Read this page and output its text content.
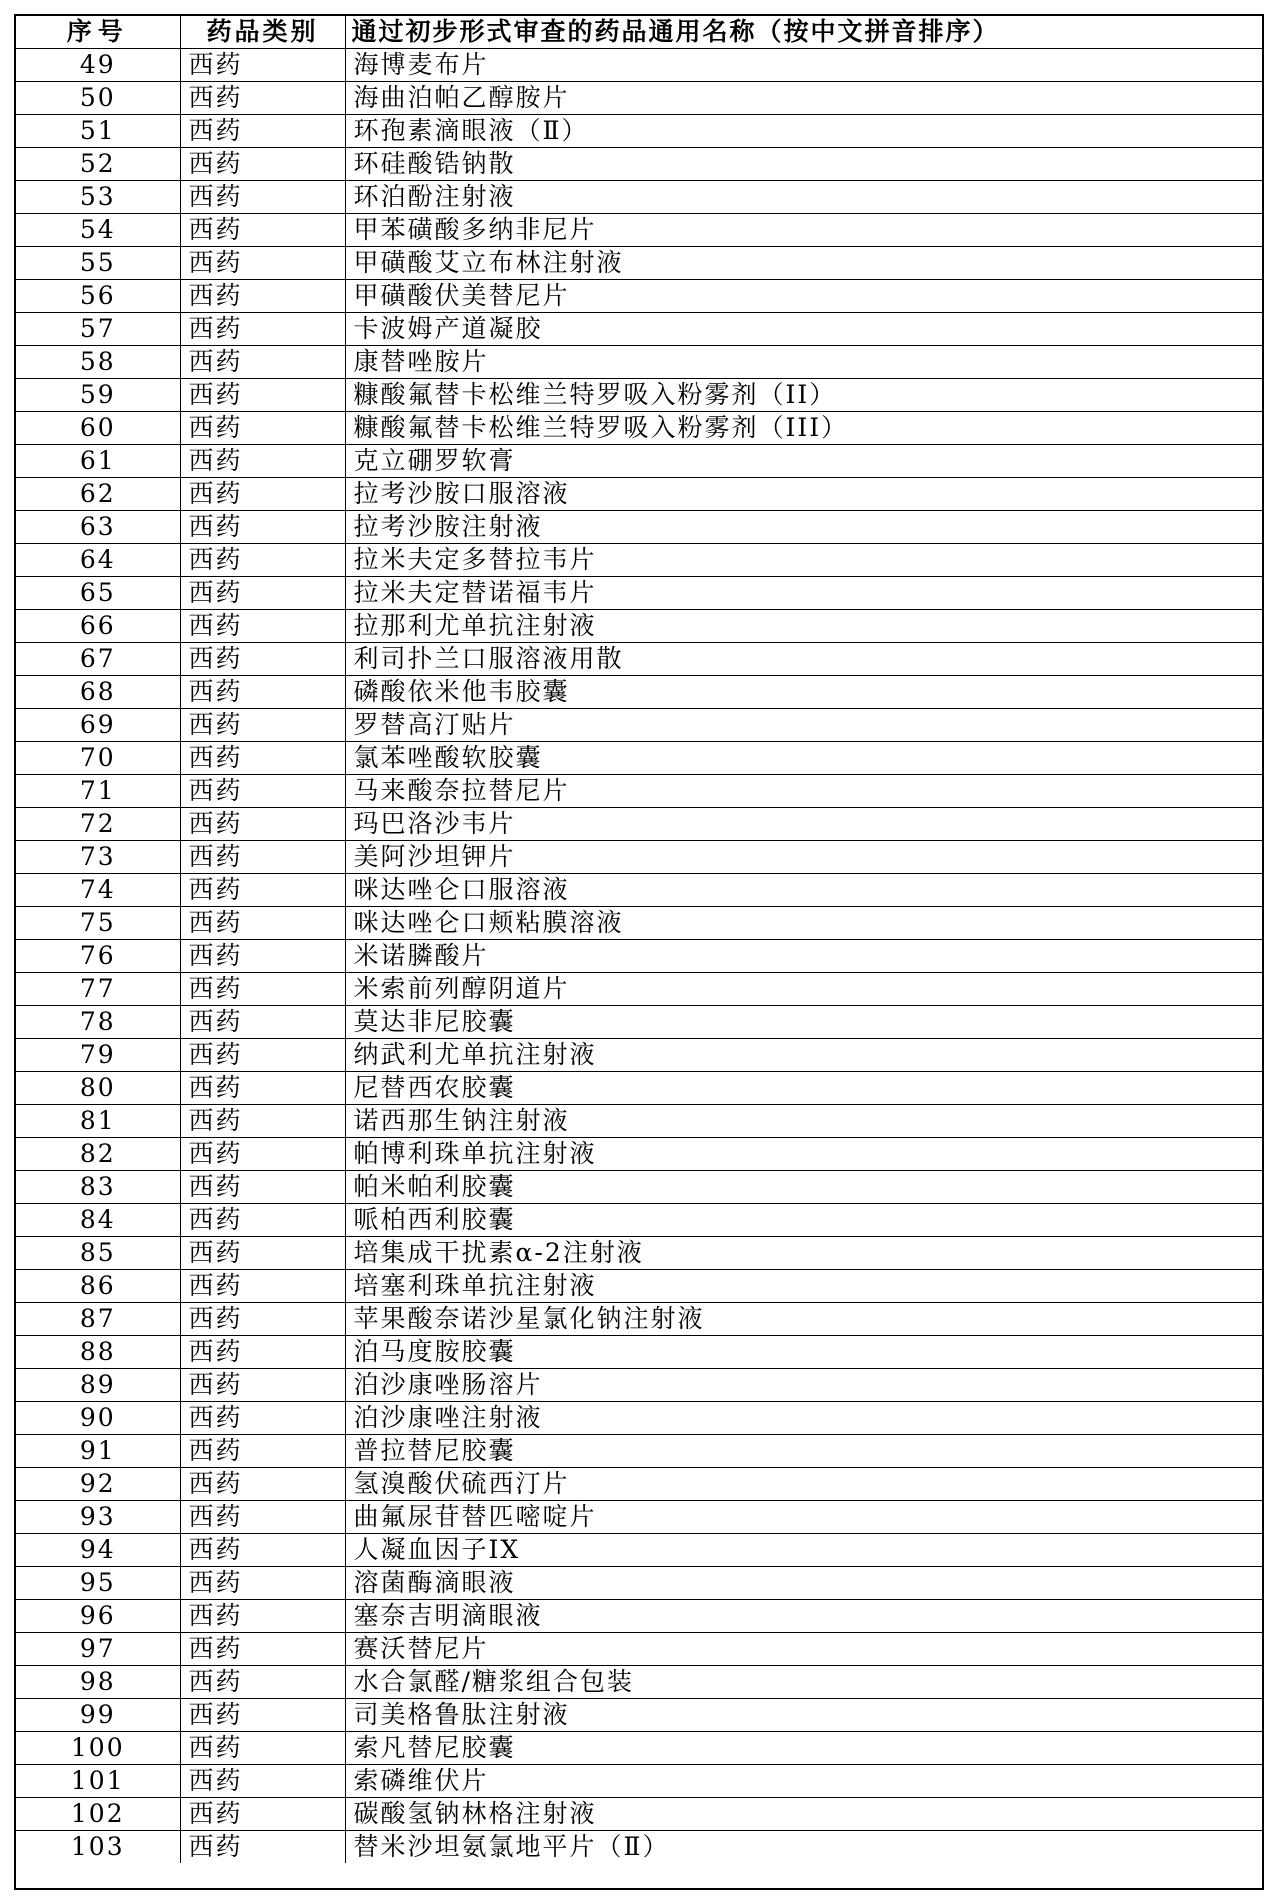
序号	药品类别	通过初步形式审查的药品通用名称（按中文拼音排序）
49	西药	海博麦布片
50	西药	海曲泊帕乙醇胺片
51	西药	环孢素滴眼液（Ⅱ）
52	西药	环硅酸锆钠散
53	西药	环泊酚注射液
54	西药	甲苯磺酸多纳非尼片
55	西药	甲磺酸艾立布林注射液
56	西药	甲磺酸伏美替尼片
57	西药	卡波姆产道凝胶
58	西药	康替唑胺片
59	西药	糠酸氟替卡松维兰特罗吸入粉雾剂（II）
60	西药	糠酸氟替卡松维兰特罗吸入粉雾剂（III）
61	西药	克立硼罗软膏
62	西药	拉考沙胺口服溶液
63	西药	拉考沙胺注射液
64	西药	拉米夫定多替拉韦片
65	西药	拉米夫定替诺福韦片
66	西药	拉那利尤单抗注射液
67	西药	利司扑兰口服溶液用散
68	西药	磷酸依米他韦胶囊
69	西药	罗替高汀贴片
70	西药	氯苯唑酸软胶囊
71	西药	马来酸奈拉替尼片
72	西药	玛巴洛沙韦片
73	西药	美阿沙坦钾片
74	西药	咪达唑仑口服溶液
75	西药	咪达唑仑口颊粘膜溶液
76	西药	米诺膦酸片
77	西药	米索前列醇阴道片
78	西药	莫达非尼胶囊
79	西药	纳武利尤单抗注射液
80	西药	尼替西农胶囊
81	西药	诺西那生钠注射液
82	西药	帕博利珠单抗注射液
83	西药	帕米帕利胶囊
84	西药	哌柏西利胶囊
85	西药	培集成干扰素α-2注射液
86	西药	培塞利珠单抗注射液
87	西药	苹果酸奈诺沙星氯化钠注射液
88	西药	泊马度胺胶囊
89	西药	泊沙康唑肠溶片
90	西药	泊沙康唑注射液
91	西药	普拉替尼胶囊
92	西药	氢溴酸伏硫西汀片
93	西药	曲氟尿苷替匹嘧啶片
94	西药	人凝血因子IX
95	西药	溶菌酶滴眼液
96	西药	塞奈吉明滴眼液
97	西药	赛沃替尼片
98	西药	水合氯醛/糖浆组合包装
99	西药	司美格鲁肽注射液
100	西药	索凡替尼胶囊
101	西药	索磷维伏片
102	西药	碳酸氢钠林格注射液
103	西药	替米沙坦氨氯地平片（Ⅱ）
